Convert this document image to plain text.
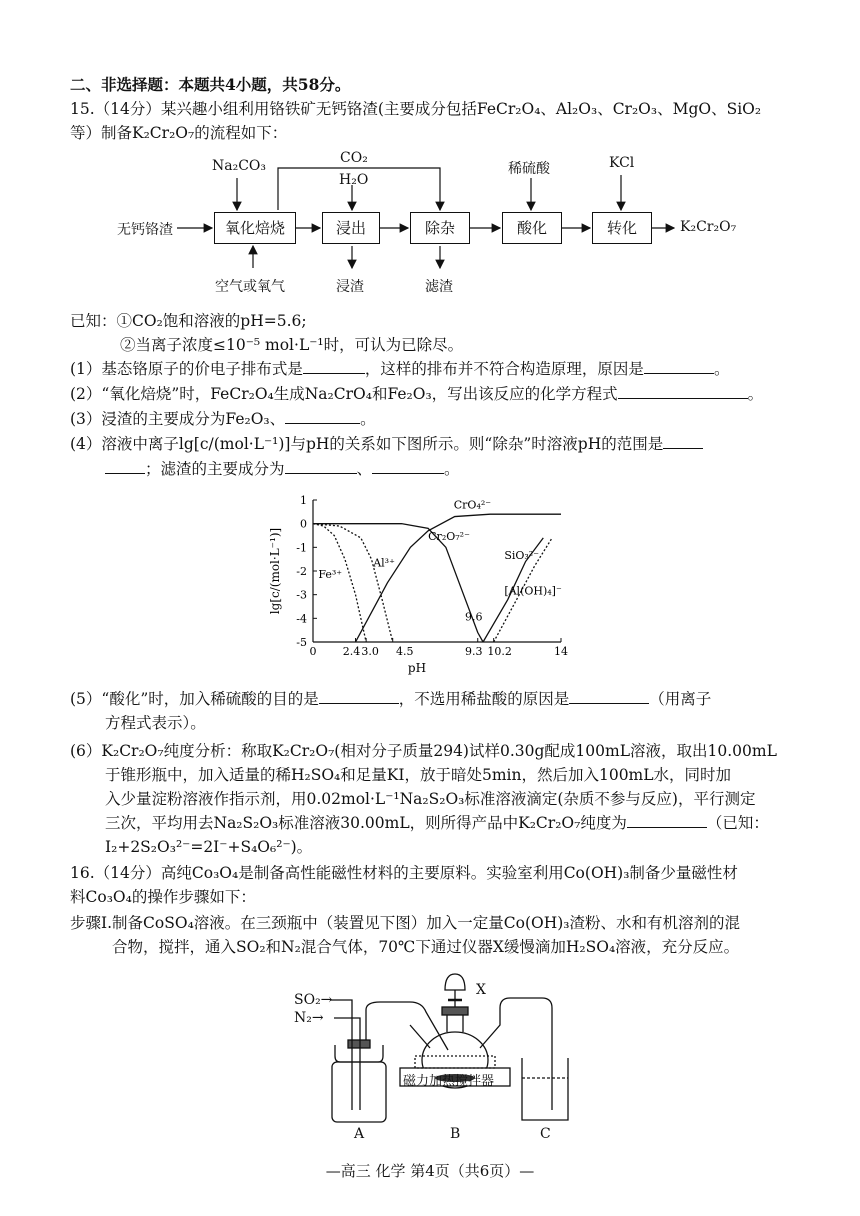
二、非选择题：本题共4小题，共58分。
15.（14分）某兴趣小组利用铬铁矿无钙铬渣(主要成分包括FeCr₂O₄、Al₂O₃、Cr₂O₃、MgO、SiO₂
等）制备K₂Cr₂O₇的流程如下：
无钙铬渣	氧化焙烧	浸出	除杂	酸化	转化	K₂Cr₂O₇
Na₂CO₃	CO₂
H₂O
稀硫酸	KCl
空气或氧气	浸渣	滤渣
已知：①CO₂饱和溶液的pH=5.6;
②当离子浓度≤10⁻⁵ mol·L⁻¹时，可认为已除尽。
(1）基态铬原子的价电子排布式是	，这样的排布并不符合构造原理，原因是	。
(2）“氧化焙烧”时，FeCr₂O₄生成Na₂CrO₄和Fe₂O₃，写出该反应的化学方程式	。
(3）浸渣的主要成分为Fe₂O₃、	。
(4）溶液中离子lg[c/(mol·L⁻¹)]与pH的关系如下图所示。则“除杂”时溶液pH的范围是
；滤渣的主要成分为	、	。
1
0
-1
-2
-3
-4
-5
0 2.4 3.0 4.5	9.3 10.2	14
Cr₂O₇²⁻
CrO₄²⁻
Fe³⁺
Al³⁺
SiO₃²⁻
[Al(OH)₄]⁻
9.6
pH
lg[c/(mol·L⁻¹)]
(5）“酸化”时，加入稀硫酸的目的是	，不选用稀盐酸的原因是	（用离子
方程式表示）。
(6）K₂Cr₂O₇纯度分析：称取K₂Cr₂O₇(相对分子质量294)试样0.30g配成100mL溶液，取出10.00mL
于锥形瓶中，加入适量的稀H₂SO₄和足量KI，放于暗处5min，然后加入100mL水，同时加
入少量淀粉溶液作指示剂，用0.02mol·L⁻¹Na₂S₂O₃标准溶液滴定(杂质不参与反应)，平行测定
三次，平均用去Na₂S₂O₃标准溶液30.00mL，则所得产品中K₂Cr₂O₇纯度为	（已知：
I₂+2S₂O₃²⁻=2I⁻+S₄O₆²⁻)。
16.（14分）高纯Co₃O₄是制备高性能磁性材料的主要原料。实验室利用Co(OH)₃制备少量磁性材
料Co₃O₄的操作步骤如下：
步骤Ⅰ.制备CoSO₄溶液。在三颈瓶中（装置见下图）加入一定量Co(OH)₃渣粉、水和有机溶剂的混
合物，搅拌，通入SO₂和N₂混合气体，70℃下通过仪器X缓慢滴加H₂SO₄溶液，充分反应。
SO₂→
N₂→
X
磁力加热搅拌器
A	B	C
—高三 化学 第4页（共6页）—
